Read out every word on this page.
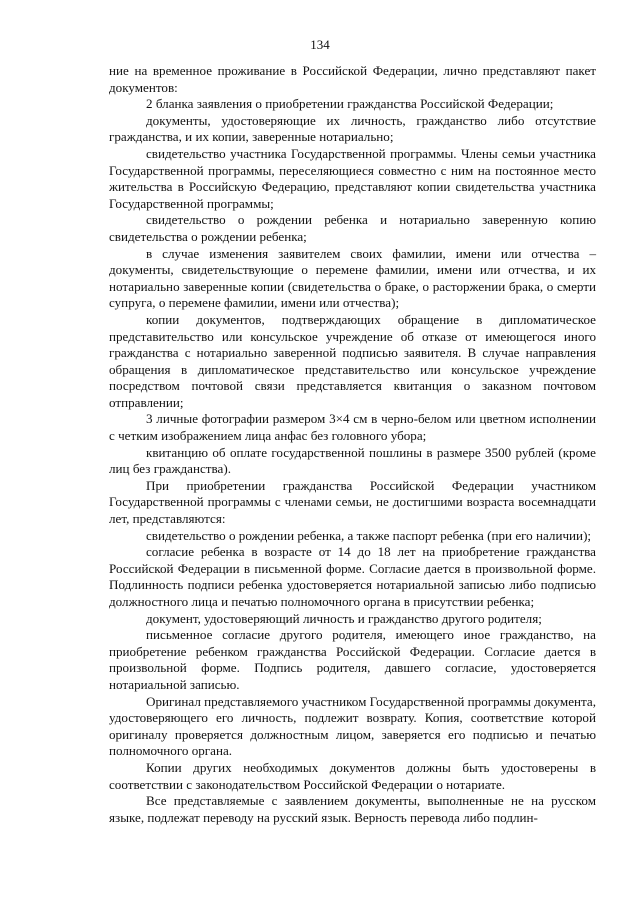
134

ние на временное проживание в Российской Федерации, лично представляют пакет документов:

2 бланка заявления о приобретении гражданства Российской Федерации;

документы, удостоверяющие их личность, гражданство либо отсутствие гражданства, и их копии, заверенные нотариально;

свидетельство участника Государственной программы. Члены семьи участника Государственной программы, переселяющиеся совместно с ним на постоянное место жительства в Российскую Федерацию, представляют копии свидетельства участника Государственной программы;

свидетельство о рождении ребенка и нотариально заверенную копию свидетельства о рождении ребенка;

в случае изменения заявителем своих фамилии, имени или отчества – документы, свидетельствующие о перемене фамилии, имени или отчества, и их нотариально заверенные копии (свидетельства о браке, о расторжении брака, о смерти супруга, о перемене фамилии, имени или отчества);

копии документов, подтверждающих обращение в дипломатическое представительство или консульское учреждение об отказе от имеющегося иного гражданства с нотариально заверенной подписью заявителя. В случае направления обращения в дипломатическое представительство или консульское учреждение посредством почтовой связи представляется квитанция о заказном почтовом отправлении;

3 личные фотографии размером 3×4 см в черно-белом или цветном исполнении с четким изображением лица анфас без головного убора;

квитанцию об оплате государственной пошлины в размере 3500 рублей (кроме лиц без гражданства).

При приобретении гражданства Российской Федерации участником Государственной программы с членами семьи, не достигшими возраста восемнадцати лет, представляются:

свидетельство о рождении ребенка, а также паспорт ребенка (при его наличии);

согласие ребенка в возрасте от 14 до 18 лет на приобретение гражданства Российской Федерации в письменной форме. Согласие дается в произвольной форме. Подлинность подписи ребенка удостоверяется нотариальной записью либо подписью должностного лица и печатью полномочного органа в присутствии ребенка;

документ, удостоверяющий личность и гражданство другого родителя;

письменное согласие другого родителя, имеющего иное гражданство, на приобретение ребенком гражданства Российской Федерации. Согласие дается в произвольной форме. Подпись родителя, давшего согласие, удостоверяется нотариальной записью.

Оригинал представляемого участником Государственной программы документа, удостоверяющего его личность, подлежит возврату. Копия, соответствие которой оригиналу проверяется должностным лицом, заверяется его подписью и печатью полномочного органа.

Копии других необходимых документов должны быть удостоверены в соответствии с законодательством Российской Федерации о нотариате.

Все представляемые с заявлением документы, выполненные не на русском языке, подлежат переводу на русский язык. Верность перевода либо подлин-
